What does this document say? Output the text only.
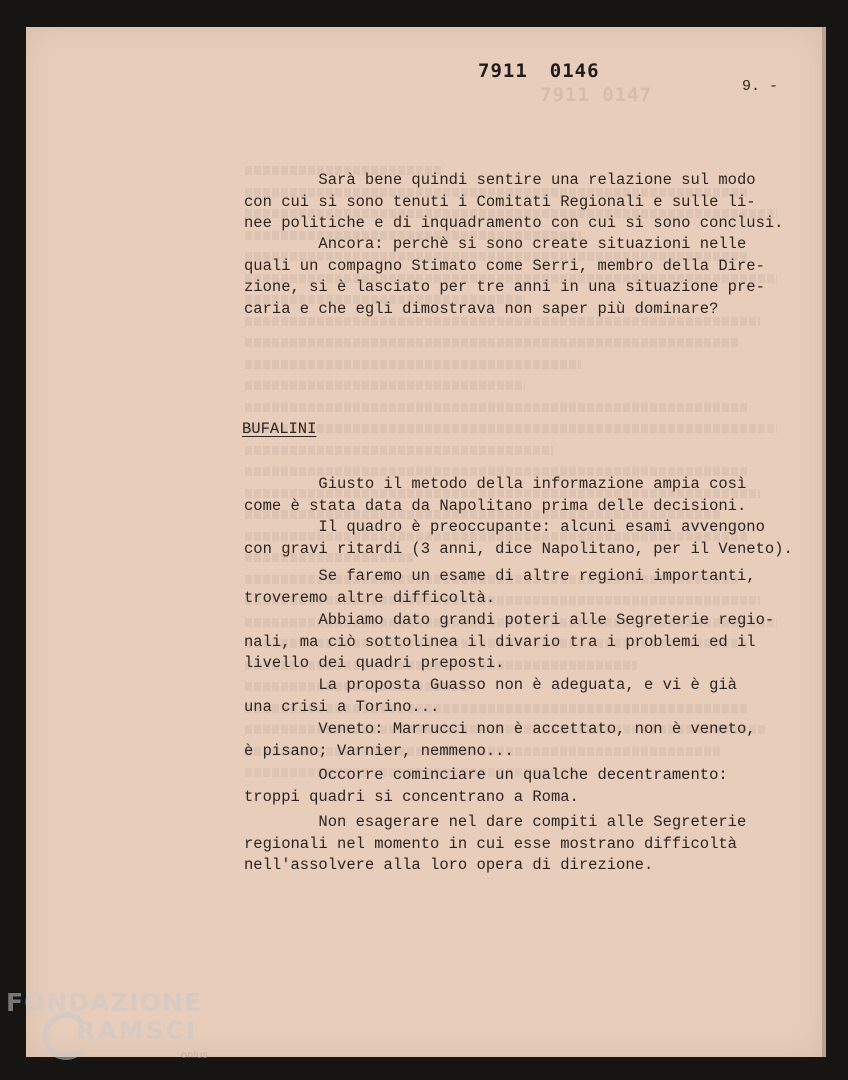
7911 0146
7911 0147	9. -

Sarà bene quindi sentire una relazione sul modo
con cui si sono tenuti i Comitati Regionali e sulle li-
nee politiche e di inquadramento con cui si sono conclusi.

Ancora: perchè si sono create situazioni nelle
quali un compagno Stimato come Serri, membro della Dire-
zione, si è lasciato per tre anni in una situazione pre-
caria e che egli dimostrava non saper più dominare?

BUFALINI

Giusto il metodo della informazione ampia così
come è stata data da Napolitano prima delle decisioni.

Il quadro è preoccupante: alcuni esami avvengono
con gravi ritardi (3 anni, dice Napolitano, per il Veneto).

Se faremo un esame di altre regioni importanti,
troveremo altre difficoltà.

Abbiamo dato grandi poteri alle Segreterie regio-
nali, ma ciò sottolinea il divario tra i problemi ed il
livello dei quadri preposti.

La proposta Guasso non è adeguata, e vi è già
una crisi a Torino...

Veneto: Marrucci non è accettato, non è veneto,
è pisano; Varnier, nemmeno...

Occorre cominciare un qualche decentramento:
troppi quadri si concentrano a Roma.

Non esagerare nel dare compiti alle Segreterie
regionali nel momento in cui esse mostrano difficoltà
nell'assolvere alla loro opera di direzione.

FONDAZIONE
RAMSCI
onlus
